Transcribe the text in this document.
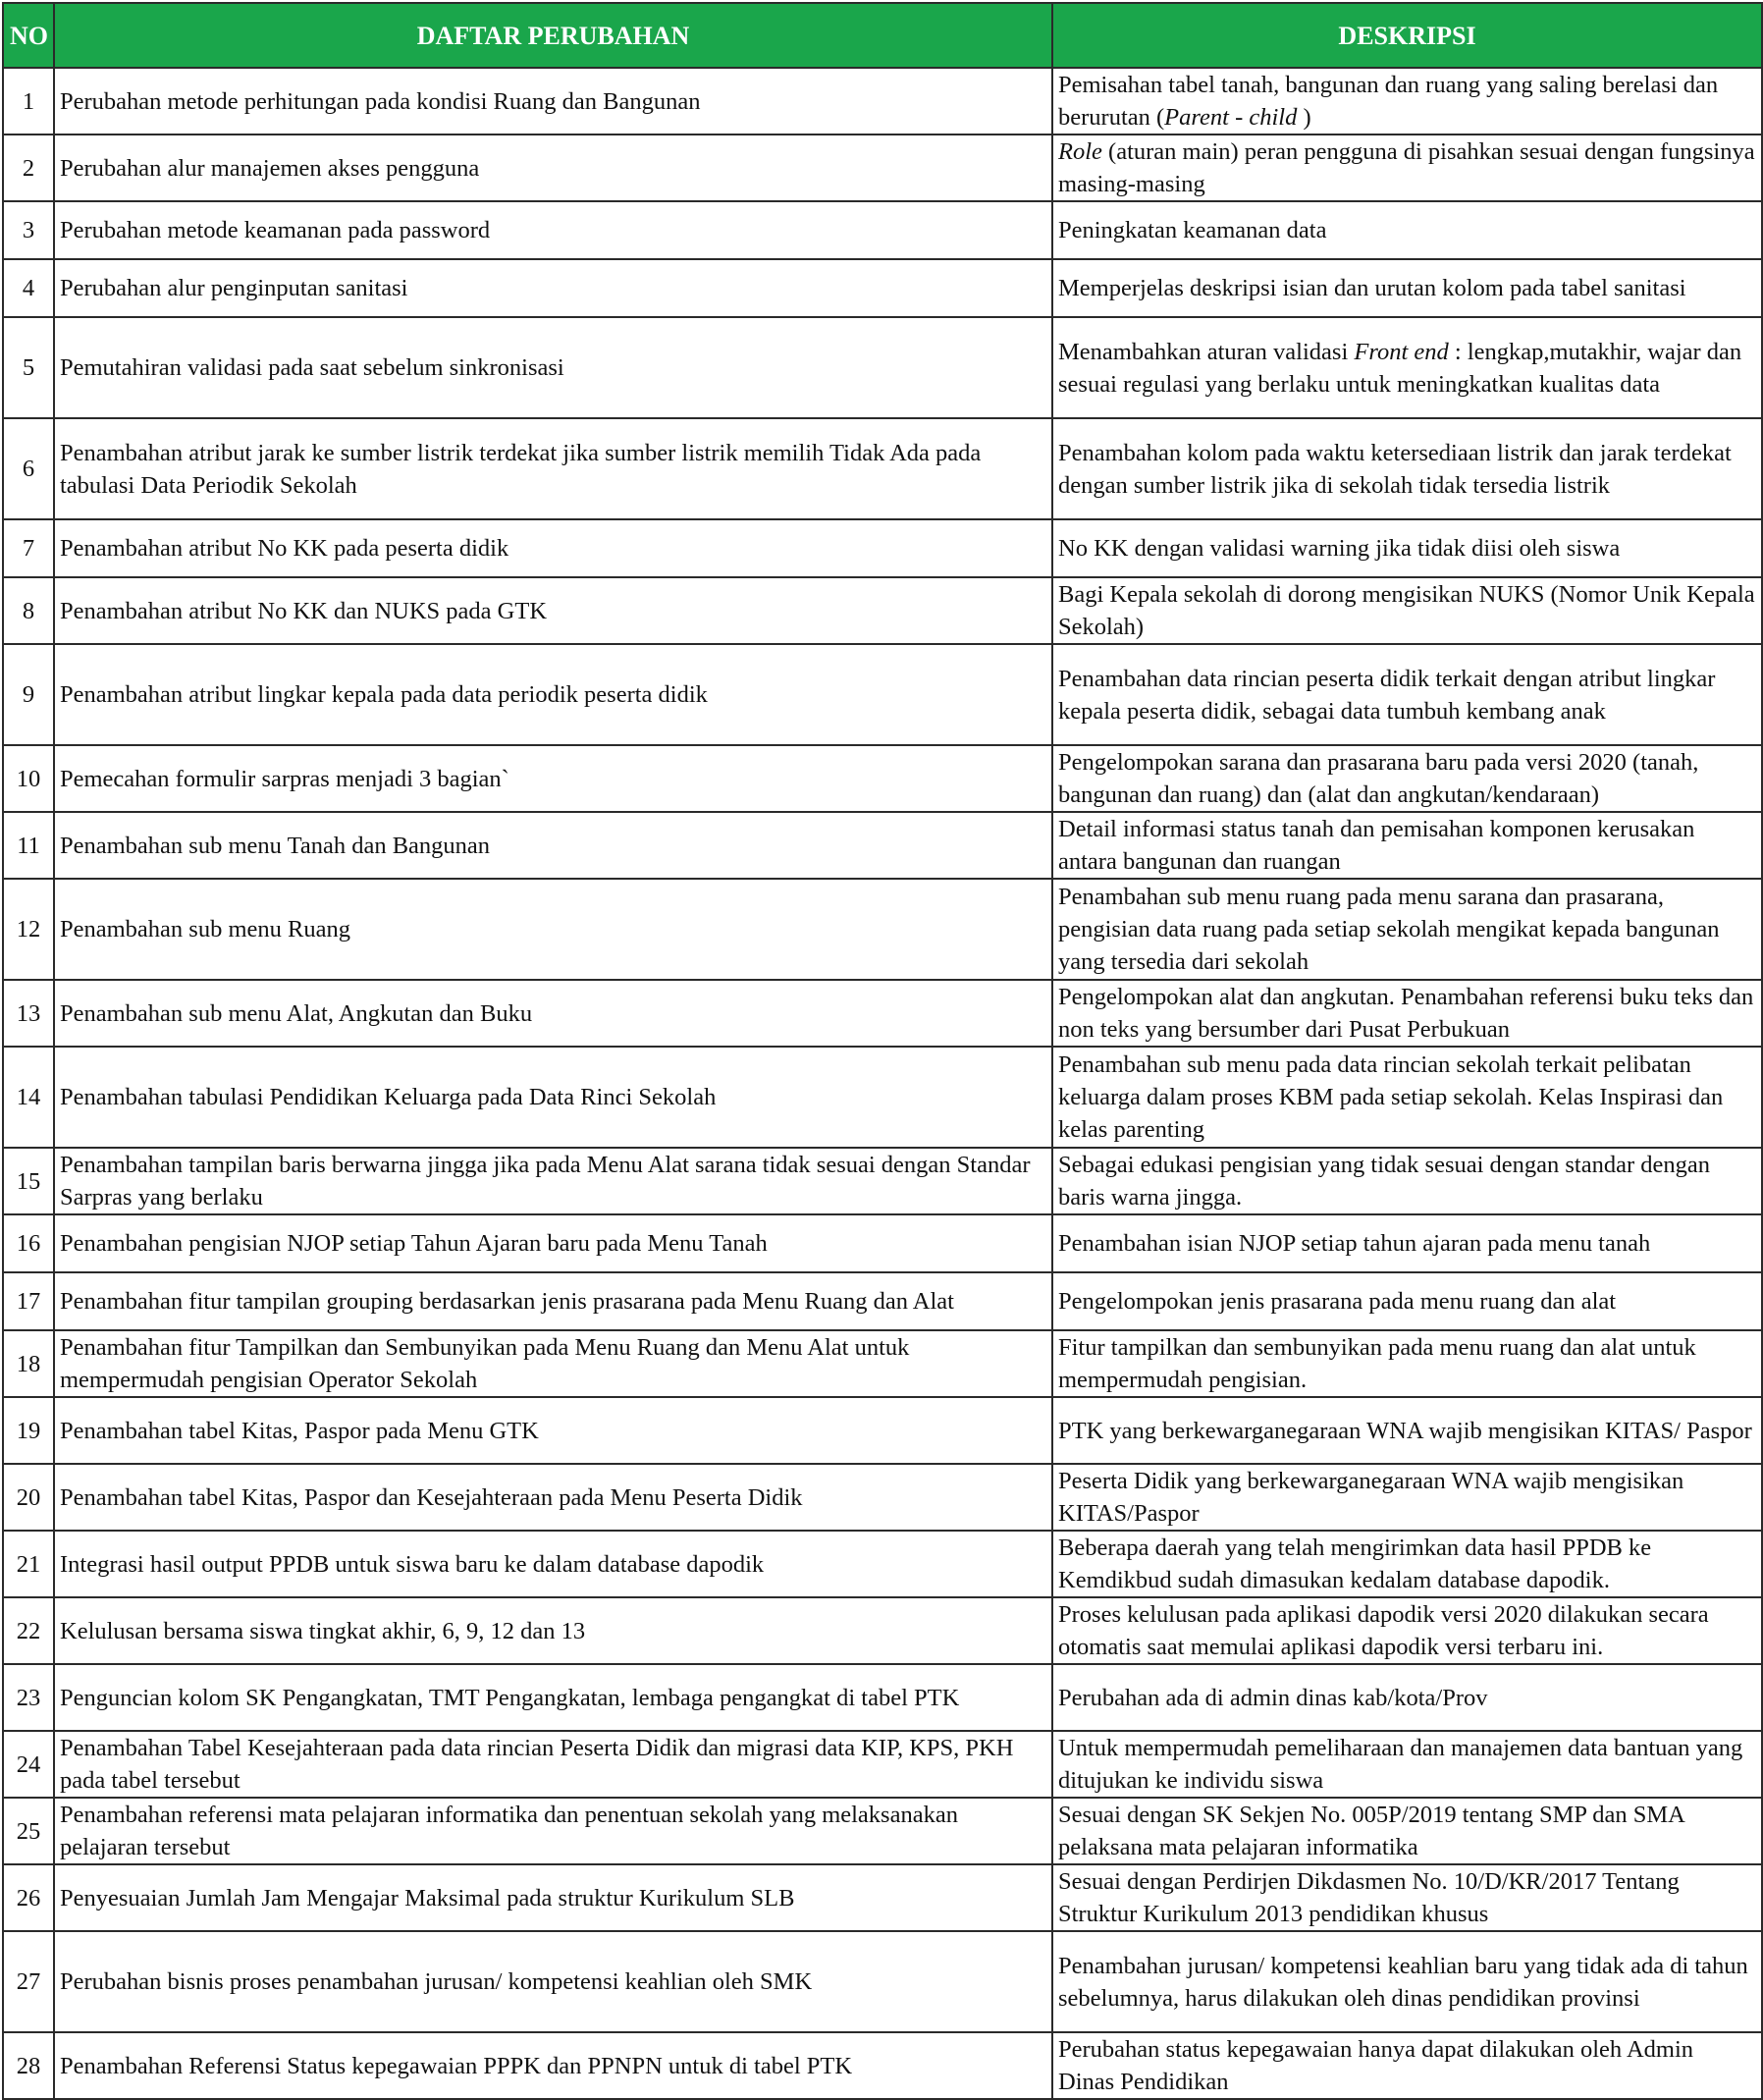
NO	DAFTAR PERUBAHAN	DESKRIPSI
1	Perubahan metode perhitungan pada kondisi Ruang dan Bangunan	Pemisahan tabel tanah, bangunan dan ruang yang saling berelasi dan berurutan (Parent - child )
2	Perubahan alur manajemen akses pengguna	Role (aturan main) peran pengguna di pisahkan sesuai dengan fungsinya masing-masing
3	Perubahan metode keamanan pada password	Peningkatan keamanan data
4	Perubahan alur penginputan sanitasi	Memperjelas deskripsi isian dan urutan kolom pada tabel sanitasi
5	Pemutahiran validasi pada saat sebelum sinkronisasi	Menambahkan aturan validasi Front end : lengkap,mutakhir, wajar dan sesuai regulasi yang berlaku untuk meningkatkan kualitas data
6	Penambahan atribut jarak ke sumber listrik terdekat jika sumber listrik memilih Tidak Ada pada tabulasi Data Periodik Sekolah	Penambahan kolom pada waktu ketersediaan listrik dan jarak terdekat dengan sumber listrik jika di sekolah tidak tersedia listrik
7	Penambahan atribut No KK pada peserta didik	No KK dengan validasi warning jika tidak diisi oleh siswa
8	Penambahan atribut No KK dan NUKS pada GTK	Bagi Kepala sekolah di dorong mengisikan NUKS (Nomor Unik Kepala Sekolah)
9	Penambahan atribut lingkar kepala pada data periodik peserta didik	Penambahan data rincian peserta didik terkait dengan atribut lingkar kepala peserta didik, sebagai data tumbuh kembang anak
10	Pemecahan formulir sarpras menjadi 3 bagian`	Pengelompokan sarana dan prasarana baru pada versi 2020 (tanah, bangunan dan ruang) dan (alat dan angkutan/kendaraan)
11	Penambahan sub menu Tanah dan Bangunan	Detail informasi status tanah dan pemisahan komponen kerusakan antara bangunan dan ruangan
12	Penambahan sub menu Ruang	Penambahan sub menu ruang pada menu sarana dan prasarana, pengisian data ruang pada setiap sekolah mengikat kepada bangunan yang tersedia dari sekolah
13	Penambahan sub menu Alat, Angkutan dan Buku	Pengelompokan alat dan angkutan. Penambahan referensi buku teks dan non teks yang bersumber dari Pusat Perbukuan
14	Penambahan tabulasi Pendidikan Keluarga pada Data Rinci Sekolah	Penambahan sub menu pada data rincian sekolah terkait pelibatan keluarga dalam proses KBM pada setiap sekolah. Kelas Inspirasi dan kelas parenting
15	Penambahan tampilan baris berwarna jingga jika pada Menu Alat sarana tidak sesuai dengan Standar Sarpras yang berlaku	Sebagai edukasi pengisian yang tidak sesuai dengan standar dengan baris warna jingga.
16	Penambahan pengisian NJOP setiap Tahun Ajaran baru pada Menu Tanah	Penambahan isian NJOP setiap tahun ajaran pada menu tanah
17	Penambahan fitur tampilan grouping berdasarkan jenis prasarana pada Menu Ruang dan Alat	Pengelompokan jenis prasarana pada menu ruang dan alat
18	Penambahan fitur Tampilkan dan Sembunyikan pada Menu Ruang dan Menu Alat untuk mempermudah pengisian Operator Sekolah	Fitur tampilkan dan sembunyikan pada menu ruang dan alat untuk mempermudah pengisian.
19	Penambahan tabel Kitas, Paspor pada Menu GTK	PTK yang berkewarganegaraan WNA wajib mengisikan KITAS/ Paspor
20	Penambahan tabel Kitas, Paspor dan Kesejahteraan pada Menu Peserta Didik	Peserta Didik yang berkewarganegaraan WNA wajib mengisikan KITAS/Paspor
21	Integrasi hasil output PPDB untuk siswa baru ke dalam database dapodik	Beberapa daerah yang telah mengirimkan data hasil PPDB ke Kemdikbud sudah dimasukan kedalam database dapodik.
22	Kelulusan bersama siswa tingkat akhir, 6, 9, 12 dan 13	Proses kelulusan pada aplikasi dapodik versi 2020 dilakukan secara otomatis saat memulai aplikasi dapodik versi terbaru ini.
23	Penguncian kolom SK Pengangkatan, TMT Pengangkatan, lembaga pengangkat di tabel PTK	Perubahan ada di admin dinas kab/kota/Prov
24	Penambahan Tabel Kesejahteraan pada data rincian Peserta Didik dan migrasi data KIP, KPS, PKH pada tabel tersebut	Untuk mempermudah pemeliharaan dan manajemen data bantuan yang ditujukan ke individu siswa
25	Penambahan referensi mata pelajaran informatika dan penentuan sekolah yang melaksanakan pelajaran tersebut	Sesuai dengan SK Sekjen No. 005P/2019 tentang SMP dan SMA pelaksana mata pelajaran informatika
26	Penyesuaian Jumlah Jam Mengajar Maksimal pada struktur Kurikulum SLB	Sesuai dengan Perdirjen Dikdasmen No. 10/D/KR/2017 Tentang Struktur Kurikulum 2013 pendidikan khusus
27	Perubahan bisnis proses penambahan jurusan/ kompetensi keahlian oleh SMK	Penambahan jurusan/ kompetensi keahlian baru yang tidak ada di tahun sebelumnya, harus dilakukan oleh dinas pendidikan provinsi
28	Penambahan Referensi Status kepegawaian PPPK dan PPNPN untuk di tabel PTK	Perubahan status kepegawaian hanya dapat dilakukan oleh Admin Dinas Pendidikan
